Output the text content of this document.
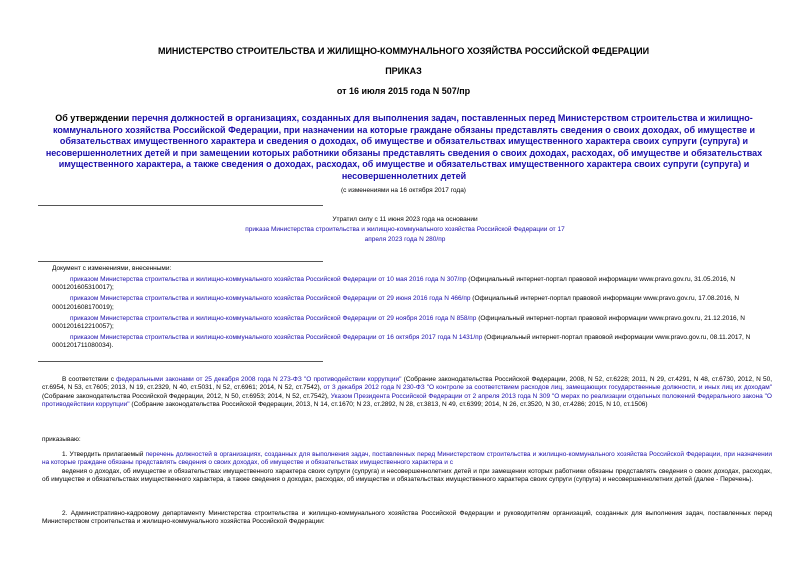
МИНИСТЕРСТВО СТРОИТЕЛЬСТВА И ЖИЛИЩНО-КОММУНАЛЬНОГО ХОЗЯЙСТВА РОССИЙСКОЙ ФЕДЕРАЦИИ
ПРИКАЗ
от 16 июля 2015 года N 507/пр
Об утверждении перечня должностей в организациях, созданных для выполнения задач, поставленных перед Министерством строительства и жилищно-коммунального хозяйства Российской Федерации, при назначении на которые граждане обязаны представлять сведения о своих доходах, об имуществе и обязательствах имущественного характера и сведения о доходах, об имуществе и обязательствах имущественного характера своих супруги (супруга) и несовершеннолетних детей и при замещении которых работники обязаны представлять сведения о своих доходах, расходах, об имуществе и обязательствах имущественного характера, а также сведения о доходах, расходах, об имуществе и обязательствах имущественного характера своих супруги (супруга) и несовершеннолетних детей
(с изменениями на 16 октября 2017 года)
Утратил силу с 11 июня 2023 года на основании
приказа Министерства строительства и жилищно-коммунального хозяйства Российской Федерации от 17 апреля 2023 года N 280/пр

Документ с изменениями, внесенными:

приказом Министерства строительства и жилищно-коммунального хозяйства Российской Федерации от 10 мая 2016 года N 307/пр (Официальный интернет-портал правовой информации www.pravo.gov.ru, 31.05.2016, N 0001201605310017);

приказом Министерства строительства и жилищно-коммунального хозяйства Российской Федерации от 29 июня 2016 года N 466/пр (Официальный интернет-портал правовой информации www.pravo.gov.ru, 17.08.2016, N 0001201608170019);

приказом Министерства строительства и жилищно-коммунального хозяйства Российской Федерации от 29 ноября 2016 года N 858/пр (Официальный интернет-портал правовой информации www.pravo.gov.ru, 21.12.2016, N 0001201612210057);

приказом Министерства строительства и жилищно-коммунального хозяйства Российской Федерации от 16 октября 2017 года N 1431/пр (Официальный интернет-портал правовой информации www.pravo.gov.ru, 08.11.2017, N 0001201711080034).

В соответствии с федеральными законами от 25 декабря 2008 года N 273-ФЗ "О противодействии коррупции" (Собрание законодательства Российской Федерации, 2008, N 52, ст.6228; 2011, N 29, ст.4291, N 48, ст.6730, 2012, N 50, ст.6954, N 53, ст.7605; 2013, N 19, ст.2329, N 40, ст.5031, N 52, ст.6961; 2014, N 52, ст.7542), от 3 декабря 2012 года N 230-ФЗ "О контроле за соответствием расходов лиц, замещающих государственные должности, и иных лиц их доходам" (Собрание законодательства Российской Федерации, 2012, N 50, ст.6953; 2014, N 52, ст.7542), Указом Президента Российской Федерации от 2 апреля 2013 года N 309 "О мерах по реализации отдельных положений Федерального закона "О противодействии коррупции" (Собрание законодательства Российской Федерации, 2013, N 14, ст.1670; N 23, ст.2892, N 28, ст.3813, N 49, ст.6399; 2014, N 26, ст.3520, N 30, ст.4286; 2015, N 10, ст.1506)

приказываю:

1. Утвердить прилагаемый перечень должностей в организациях, созданных для выполнения задач, поставленных перед Министерством строительства и жилищно-коммунального хозяйства Российской Федерации, при назначении на которые граждане обязаны представлять сведения о своих доходах, об имуществе и обязательствах имущественного характера и с

ведения о доходах, об имуществе и обязательствах имущественного характера своих супруги (супруга) и несовершеннолетних детей и при замещении которых работники обязаны представлять сведения о своих доходах, расходах, об имуществе и обязательствах имущественного характера, а также сведения о доходах, расходах, об имуществе и обязательствах имущественного характера своих супруги (супруга) и несовершеннолетних детей (далее - Перечень).

2. Административно-кадровому департаменту Министерства строительства и жилищно-коммунального хозяйства Российской Федерации и руководителям организаций, созданных для выполнения задач, поставленных перед Министерством строительства и жилищно-коммунального хозяйства Российской Федерации:
